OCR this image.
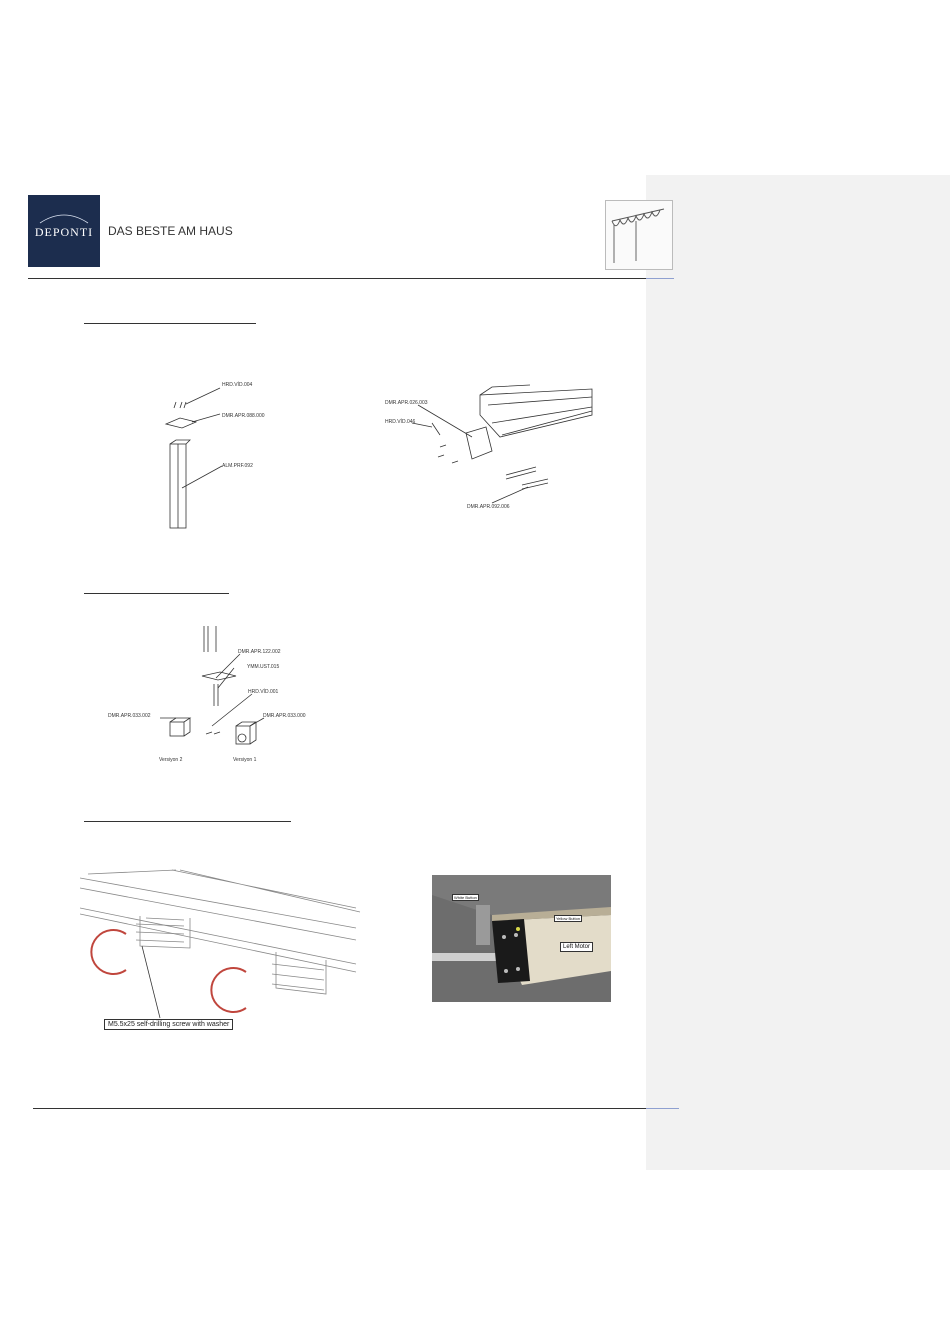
DEPONTI	DAS BESTE AM HAUS
HRD.VİD.004
DMR.APR.088.000
ALM.PRF.092
DMR.APR.026.003
HRD.VİD.046
DMR.APR.092.006
DMR.APR.122.002
YMM.UST.015
HRD.VİD.001
DMR.APR.033.002	DMR.APR.033.000
Versiyon 2	Versiyon 1
M5.5x25 self-drilling screw with washer
White Button
Yellow Button
Left Motor
